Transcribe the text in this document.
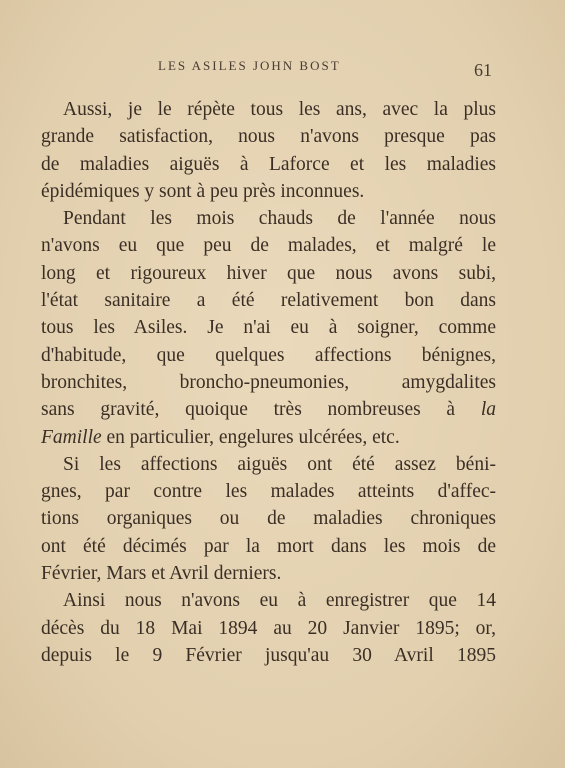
LES ASILES JOHN BOST	61
Aussi, je le répète tous les ans, avec la plus
grande satisfaction, nous n'avons presque pas
de maladies aiguës à Laforce et les maladies
épidémiques y sont à peu près inconnues.
Pendant les mois chauds de l'année nous
n'avons eu que peu de malades, et malgré le
long et rigoureux hiver que nous avons subi,
l'état sanitaire a été relativement bon dans
tous les Asiles. Je n'ai eu à soigner, comme
d'habitude, que quelques affections bénignes,
bronchites, broncho-pneumonies, amygdalites
sans gravité, quoique très nombreuses à la
Famille en particulier, engelures ulcérées, etc.
Si les affections aiguës ont été assez béni-
gnes, par contre les malades atteints d'affec-
tions organiques ou de maladies chroniques
ont été décimés par la mort dans les mois de
Février, Mars et Avril derniers.
Ainsi nous n'avons eu à enregistrer que 14
décès du 18 Mai 1894 au 20 Janvier 1895; or,
depuis le 9 Février jusqu'au 30 Avril 1895
